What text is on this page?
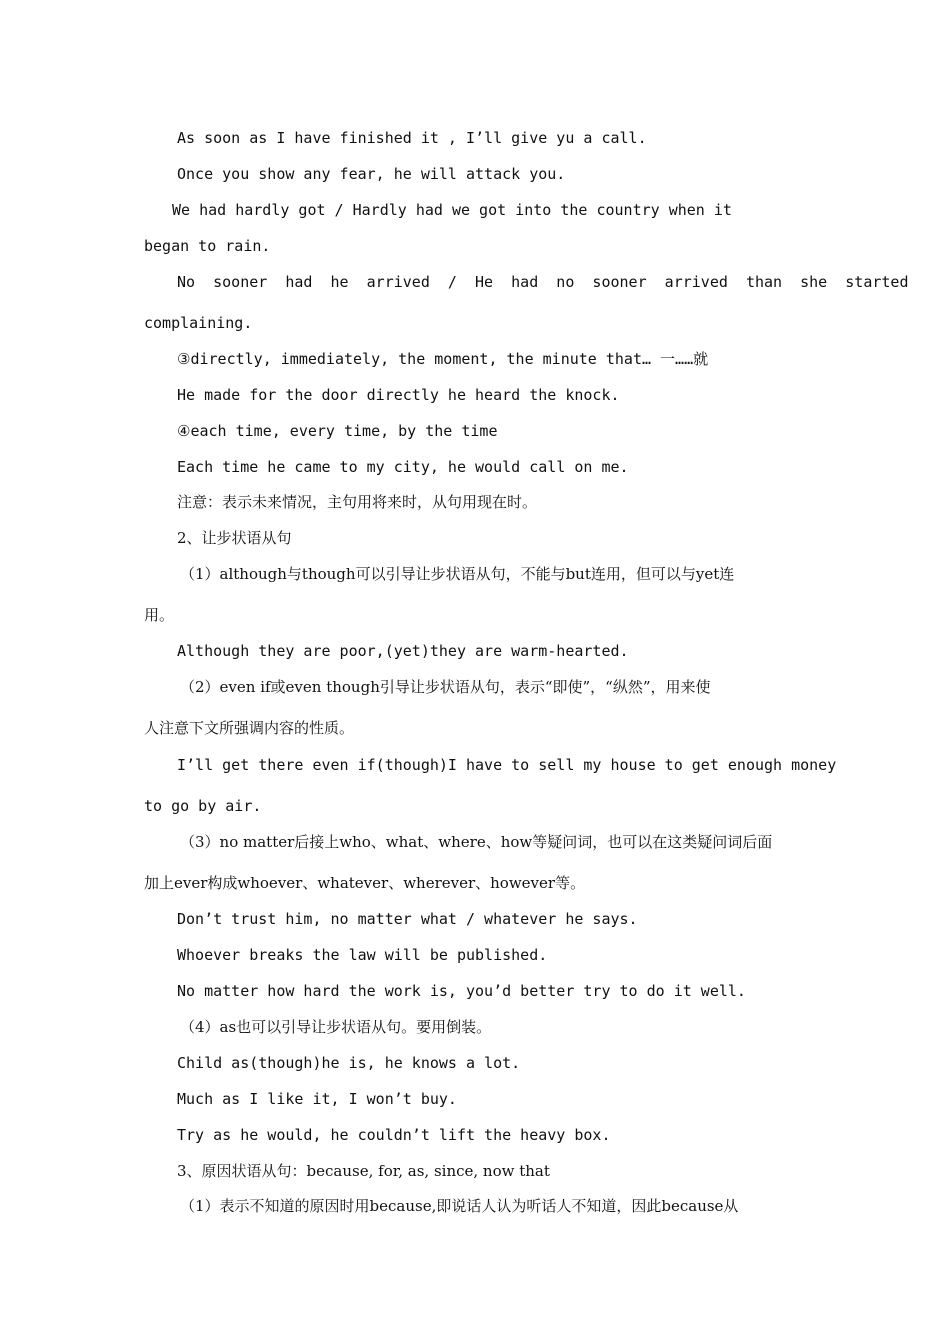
As soon as I have finished it , I’ll give yu a call.
Once you show any fear, he will attack you.
We had hardly got / Hardly had we got into the country when it
began to rain.
No  sooner  had  he  arrived  /  He  had  no  sooner  arrived  than  she  started
complaining.
③directly, immediately, the moment, the minute that… 一……就
He made for the door directly he heard the knock.
④each time, every time, by the time
Each time he came to my city, he would call on me.
注意：表示未来情况，主句用将来时，从句用现在时。
2、让步状语从句
（1）although与though可以引导让步状语从句，不能与but连用，但可以与yet连
用。
Although they are poor,(yet)they are warm-hearted.
（2）even if或even though引导让步状语从句，表示“即使”，“纵然”，用来使
人注意下文所强调内容的性质。
I’ll get there even if(though)I have to sell my house to get enough money
to go by air.
（3）no matter后接上who、what、where、how等疑问词，也可以在这类疑问词后面
加上ever构成whoever、whatever、wherever、however等。
Don’t trust him, no matter what / whatever he says.
Whoever breaks the law will be published.
No matter how hard the work is, you’d better try to do it well.
（4）as也可以引导让步状语从句。要用倒装。
Child as(though)he is, he knows a lot.
Much as I like it, I won’t buy.
Try as he would, he couldn’t lift the heavy box.
3、原因状语从句：because, for, as, since, now that
（1）表示不知道的原因时用because,即说话人认为听话人不知道，因此because从
